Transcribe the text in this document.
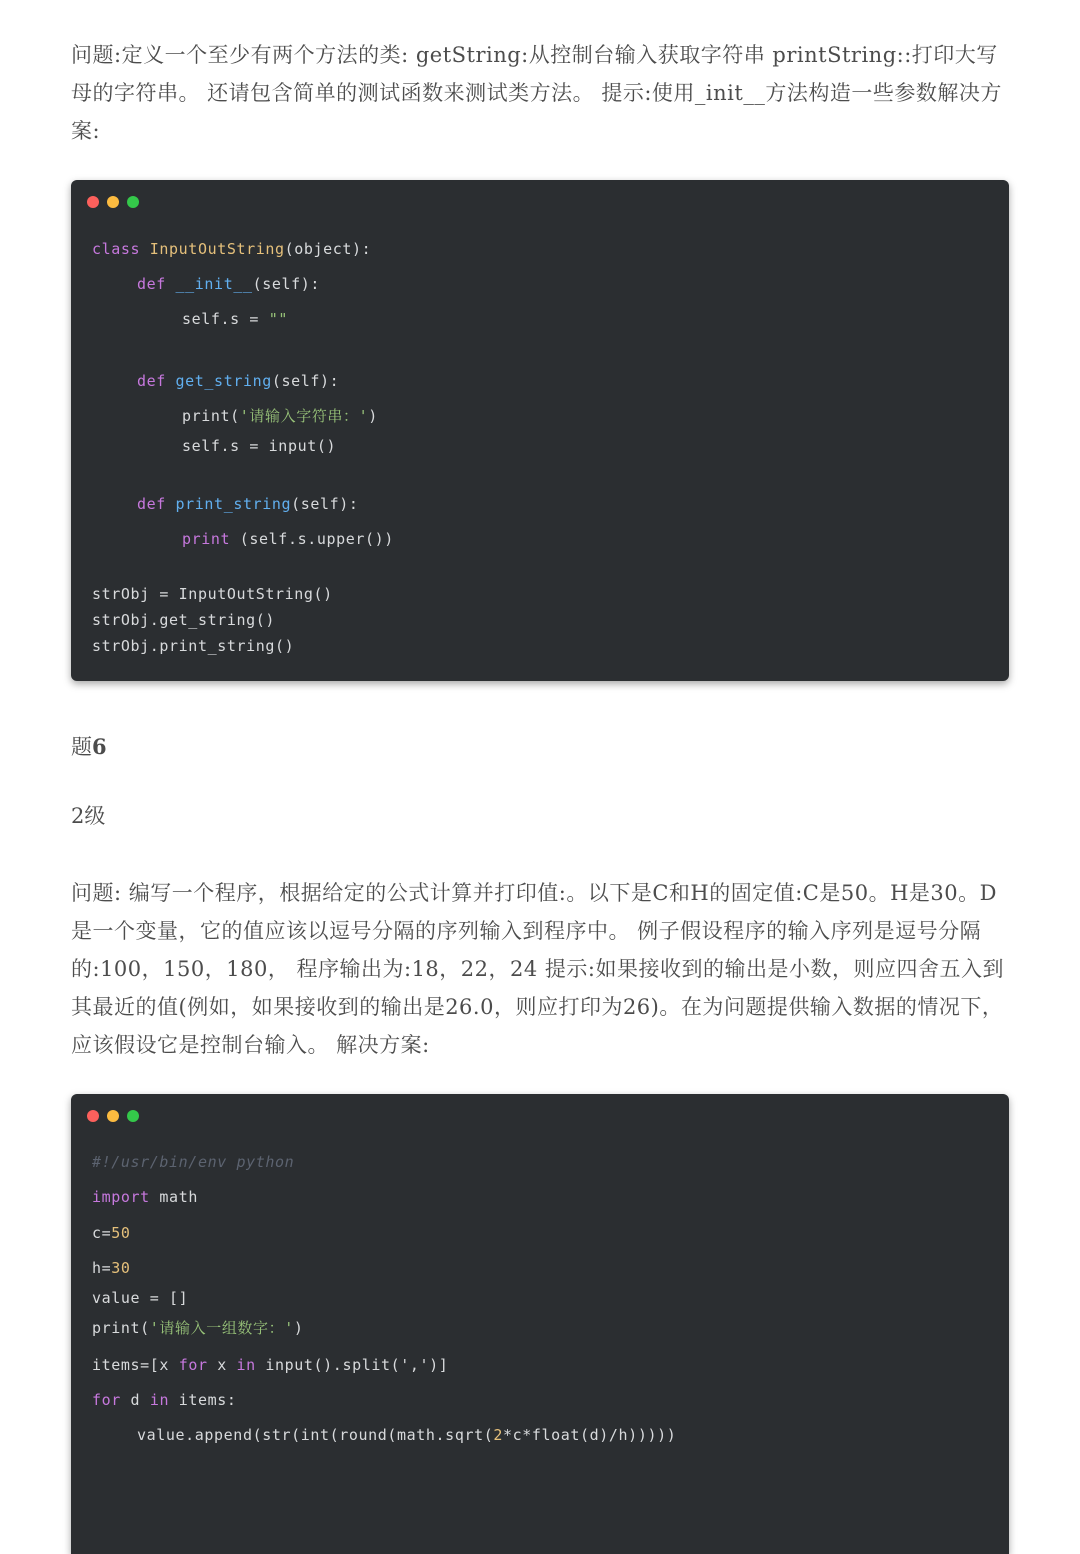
问题:定义一个至少有两个方法的类: getString:从控制台输入获取字符串 printString::打印大写母的字符串。 还请包含简单的测试函数来测试类方法。 提示:使用_init__方法构造一些参数解决方案:

class InputOutString(object):
def __init__(self):
self.s = ""
def get_string(self):
print('请输入字符串：')
self.s = input()
def print_string(self):
print (self.s.upper())
strObj = InputOutString()
strObj.get_string()
strObj.print_string()
题6
2级

问题: 编写一个程序，根据给定的公式计算并打印值:。以下是C和H的固定值:C是50。H是30。D是一个变量，它的值应该以逗号分隔的序列输入到程序中。 例子假设程序的输入序列是逗号分隔的:100，150，180， 程序输出为:18，22，24 提示:如果接收到的输出是小数，则应四舍五入到其最近的值(例如，如果接收到的输出是26.0，则应打印为26)。在为问题提供输入数据的情况下，应该假设它是控制台输入。 解决方案:

#!/usr/bin/env python
import math
c=50
h=30
value = []
print('请输入一组数字：')
items=[x for x in input().split(',')]
for d in items:
value.append(str(int(round(math.sqrt(2*c*float(d)/h)))))
